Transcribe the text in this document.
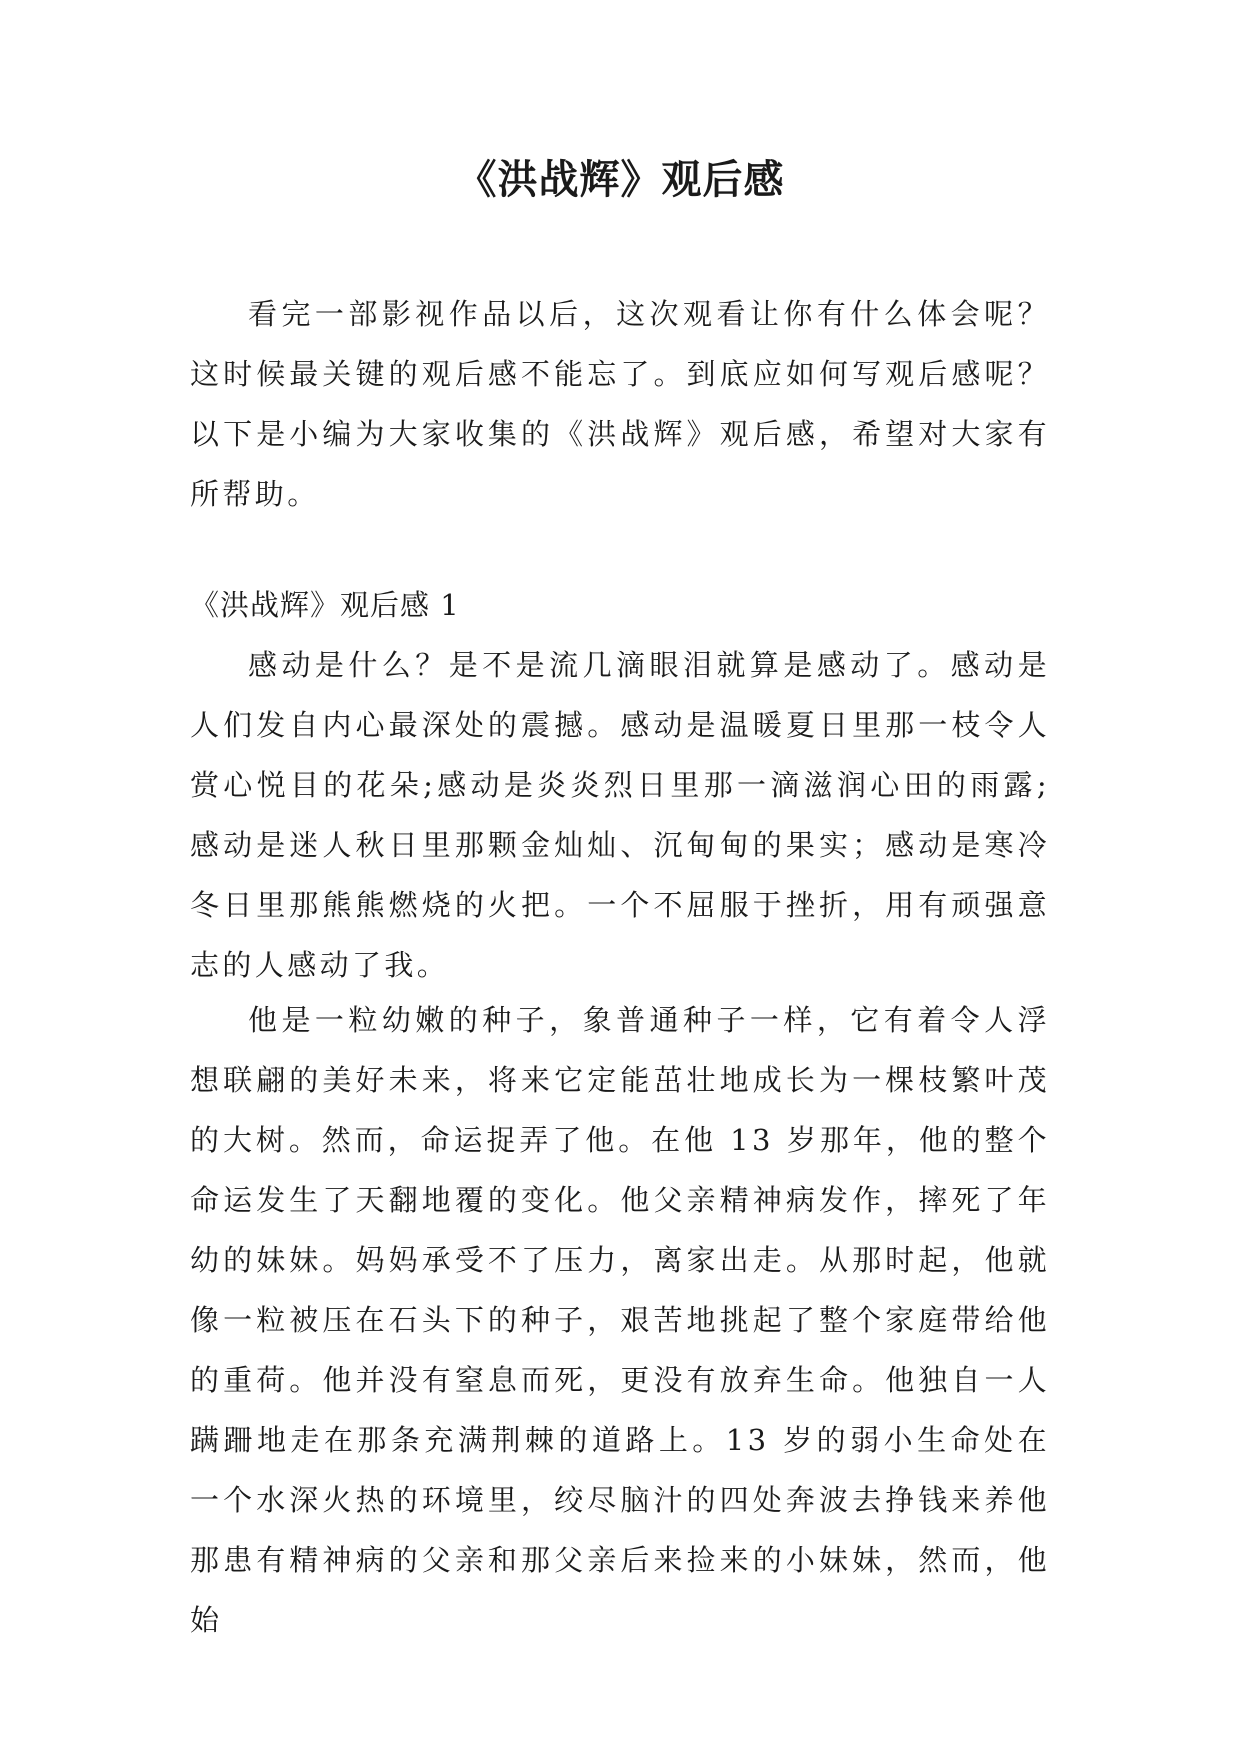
《洪战辉》观后感

看完一部影视作品以后，这次观看让你有什么体会呢？这时候最关键的观后感不能忘了。到底应如何写观后感呢？以下是小编为大家收集的《洪战辉》观后感，希望对大家有所帮助。

《洪战辉》观后感 1

感动是什么？是不是流几滴眼泪就算是感动了。感动是人们发自内心最深处的震撼。感动是温暖夏日里那一枝令人赏心悦目的花朵;感动是炎炎烈日里那一滴滋润心田的雨露;感动是迷人秋日里那颗金灿灿、沉甸甸的果实；感动是寒冷冬日里那熊熊燃烧的火把。一个不屈服于挫折，用有顽强意志的人感动了我。

他是一粒幼嫩的种子，象普通种子一样，它有着令人浮想联翩的美好未来，将来它定能茁壮地成长为一棵枝繁叶茂的大树。然而，命运捉弄了他。在他 13 岁那年，他的整个命运发生了天翻地覆的变化。他父亲精神病发作，摔死了年幼的妹妹。妈妈承受不了压力，离家出走。从那时起，他就像一粒被压在石头下的种子，艰苦地挑起了整个家庭带给他的重荷。他并没有窒息而死，更没有放弃生命。他独自一人蹒跚地走在那条充满荆棘的道路上。13 岁的弱小生命处在一个水深火热的环境里，绞尽脑汁的四处奔波去挣钱来养他那患有精神病的父亲和那父亲后来捡来的小妹妹，然而，他始
